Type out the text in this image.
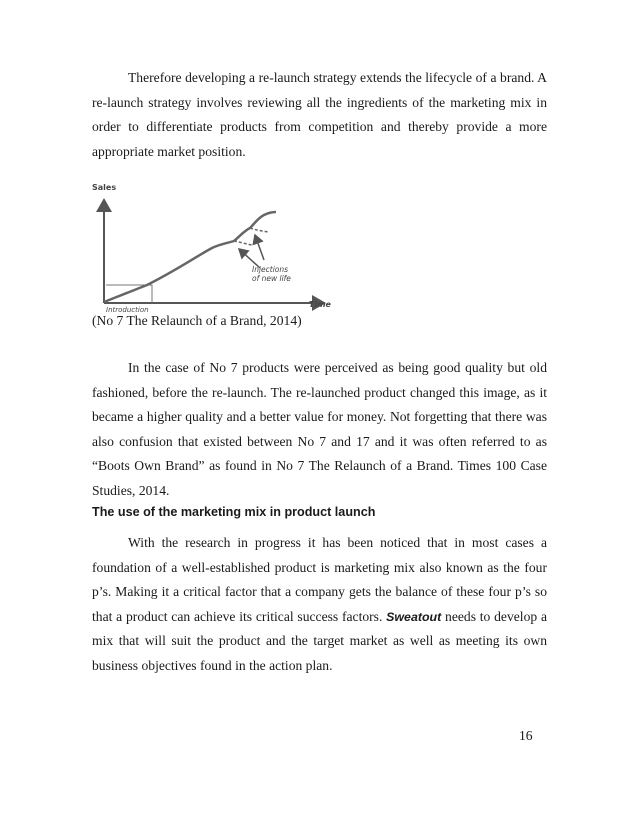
Therefore developing a re-launch strategy extends the lifecycle of a brand. A re-launch strategy involves reviewing all the ingredients of the marketing mix in order to differentiate products from competition and thereby provide a more appropriate market position.

Sales
Time
Introduction
Injections
of new life

(No 7 The Relaunch of a Brand, 2014)

In the case of No 7 products were perceived as being good quality but old fashioned, before the re-launch. The re-launched product changed this image, as it became a higher quality and a better value for money. Not forgetting that there was also confusion that existed between No 7 and 17 and it was often referred to as “Boots Own Brand” as found in No 7 The Relaunch of a Brand. Times 100 Case Studies, 2014.

The use of the marketing mix in product launch

With the research in progress it has been noticed that in most cases a foundation of a well-established product is marketing mix also known as the four p’s. Making it a critical factor that a company gets the balance of these four p’s so that a product can achieve its critical success factors. Sweatout needs to develop a mix that will suit the product and the target market as well as meeting its own business objectives found in the action plan.

16
